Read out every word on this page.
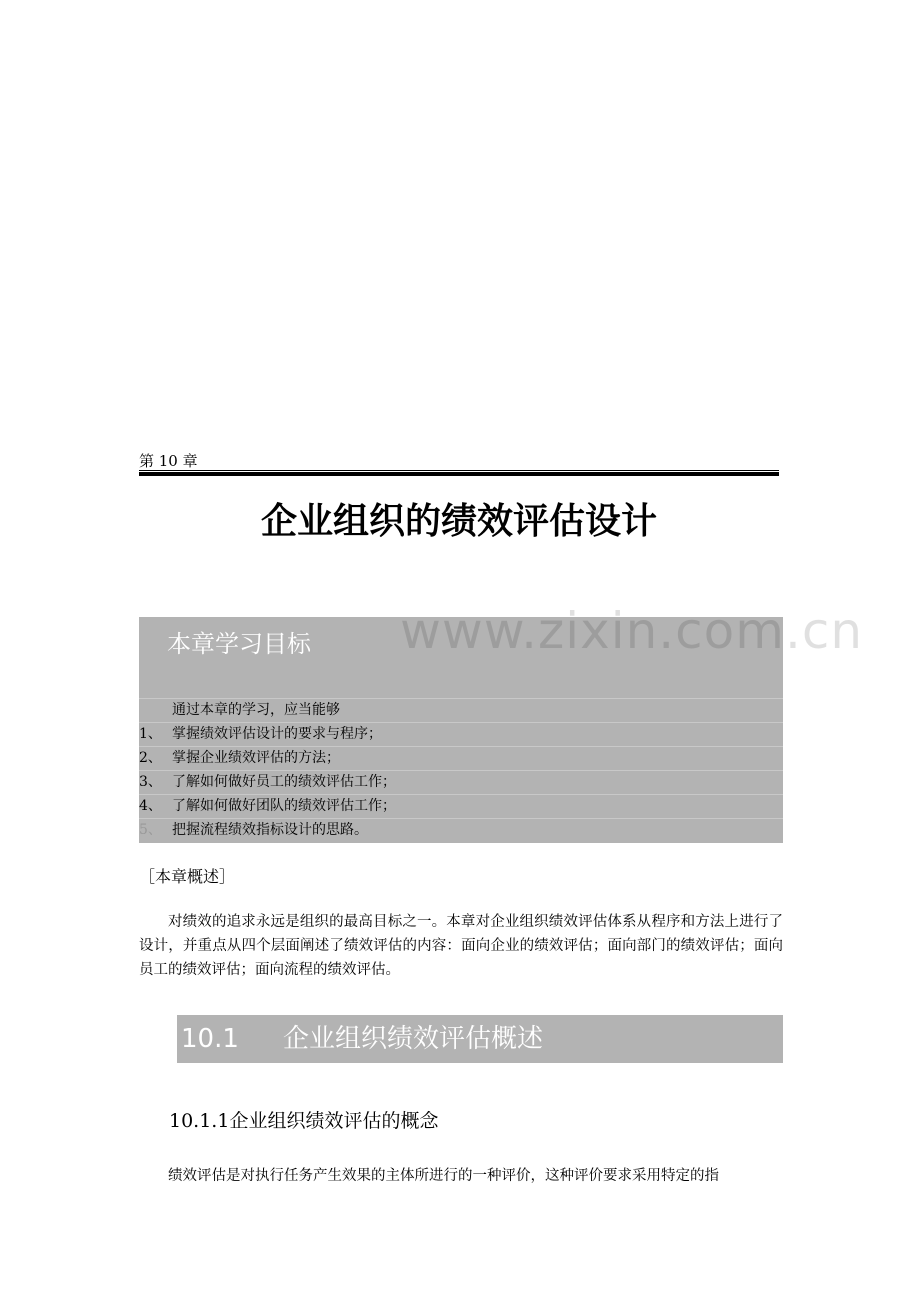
第 10 章
企业组织的绩效评估设计
本章学习目标
通过本章的学习，应当能够
1、 掌握绩效评估设计的要求与程序；
2、 掌握企业绩效评估的方法；
3、 了解如何做好员工的绩效评估工作；
4、 了解如何做好团队的绩效评估工作；
5、 把握流程绩效指标设计的思路。
www.zixin.com.cn
［本章概述］
对绩效的追求永远是组织的最高目标之一。本章对企业组织绩效评估体系从程序和方法上进行了设计，并重点从四个层面阐述了绩效评估的内容：面向企业的绩效评估；面向部门的绩效评估；面向员工的绩效评估；面向流程的绩效评估。
10.1 企业组织绩效评估概述
10.1.1企业组织绩效评估的概念
绩效评估是对执行任务产生效果的主体所进行的一种评价，这种评价要求采用特定的指
